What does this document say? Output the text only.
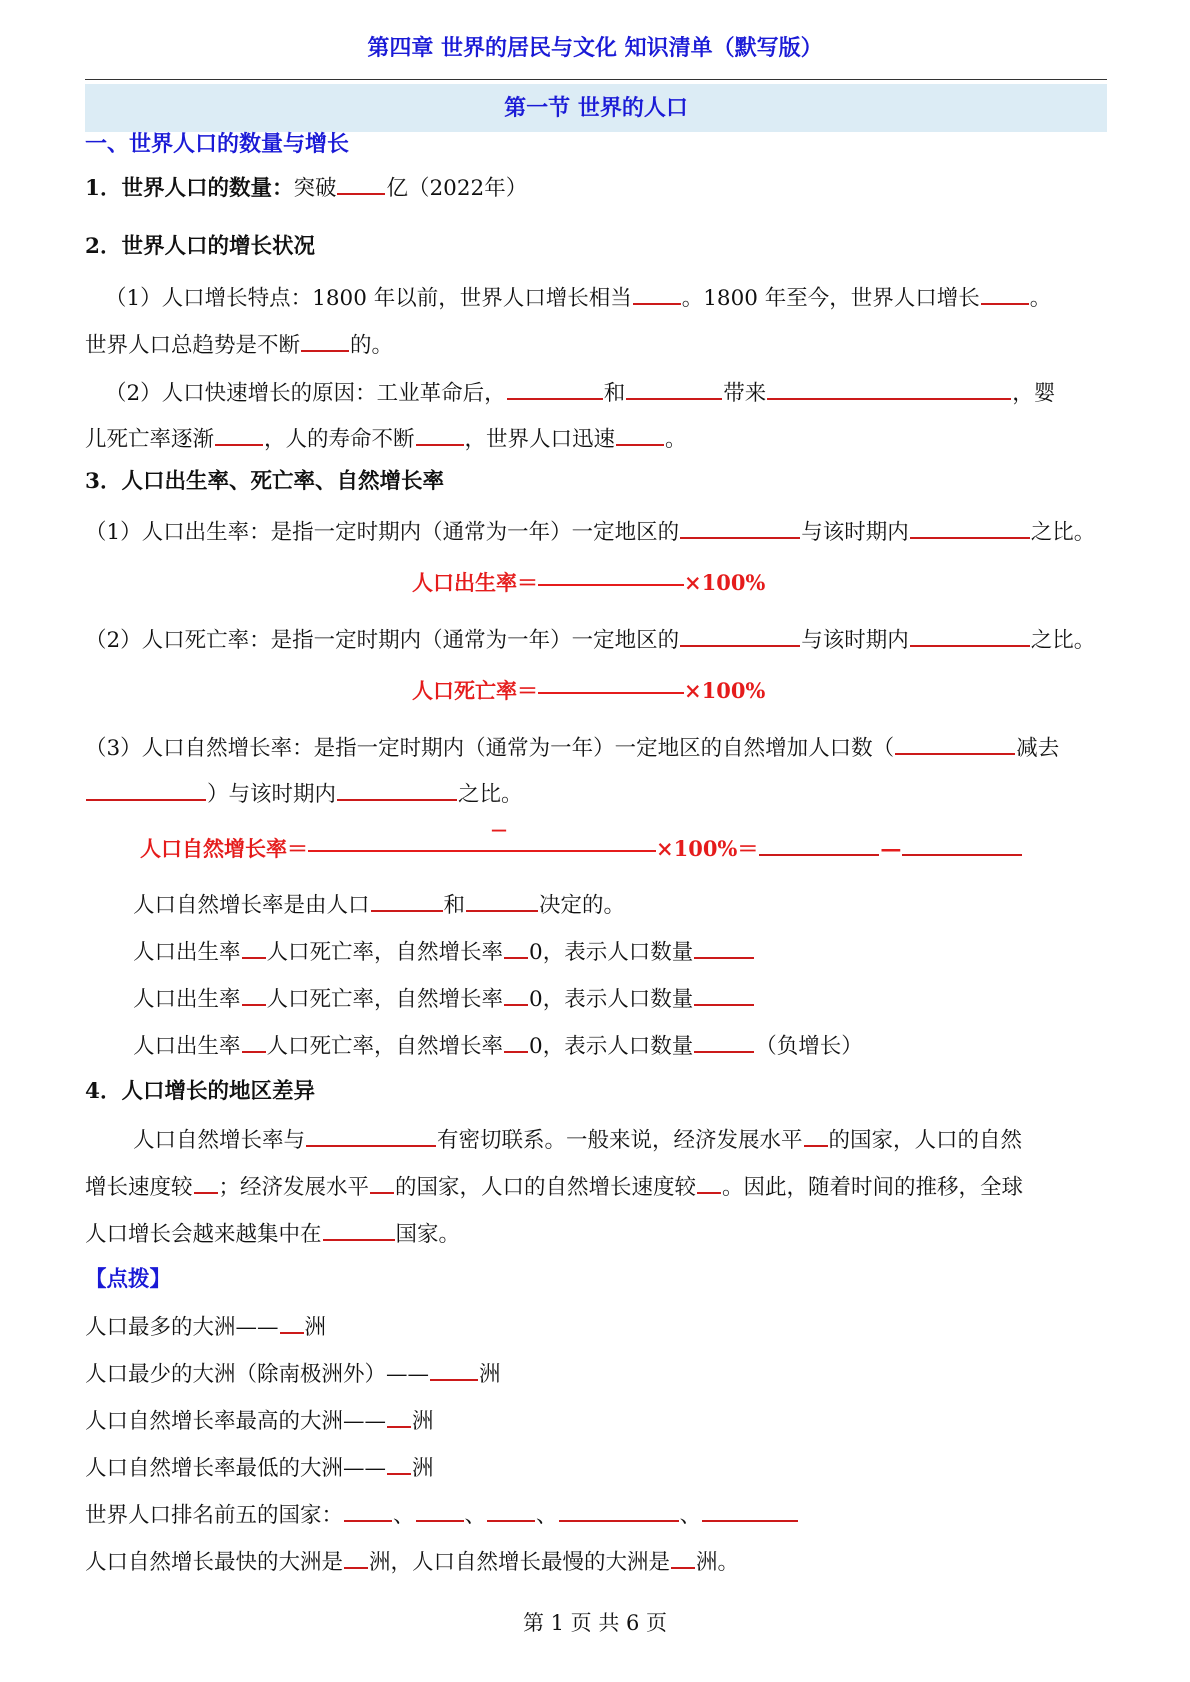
第四章 世界的居民与文化 知识清单（默写版）
第一节 世界的人口
一、世界人口的数量与增长
1．世界人口的数量：突破 亿（2022年）
2．世界人口的增长状况
（1）人口增长特点：1800 年以前，世界人口增长相当 。1800 年至今，世界人口增长 。
世界人口总趋势是不断 的。
（2）人口快速增长的原因：工业革命后，	和	带来	，婴
儿死亡率逐渐 ，人的寿命不断 ，世界人口迅速 。
3．人口出生率、死亡率、自然增长率
（1）人口出生率：是指一定时期内（通常为一年）一定地区的	与该时期内	之比。
人口出生率＝	×100%
（2）人口死亡率：是指一定时期内（通常为一年）一定地区的	与该时期内	之比。
人口死亡率＝	×100%
（3）人口自然增长率：是指一定时期内（通常为一年）一定地区的自然增加人口数（	减去
）与该时期内	之比。
—
人口自然增长率＝	×100%＝	—
人口自然增长率是由人口	和	决定的。
人口出生率 人口死亡率，自然增长率 0，表示人口数量
人口出生率 人口死亡率，自然增长率 0，表示人口数量
人口出生率 人口死亡率，自然增长率 0，表示人口数量	（负增长）
4．人口增长的地区差异
人口自然增长率与	有密切联系。一般来说，经济发展水平 的国家，人口的自然
增长速度较 ；经济发展水平 的国家，人口的自然增长速度较 。因此，随着时间的推移，全球
人口增长会越来越集中在	国家。
【点拨】
人口最多的大洲—— 洲
人口最少的大洲（除南极洲外）—— 洲
人口自然增长率最高的大洲—— 洲
人口自然增长率最低的大洲—— 洲
世界人口排名前五的国家： 、 、 、	、
人口自然增长最快的大洲是 洲，人口自然增长最慢的大洲是 洲。
第 1 页 共 6 页
